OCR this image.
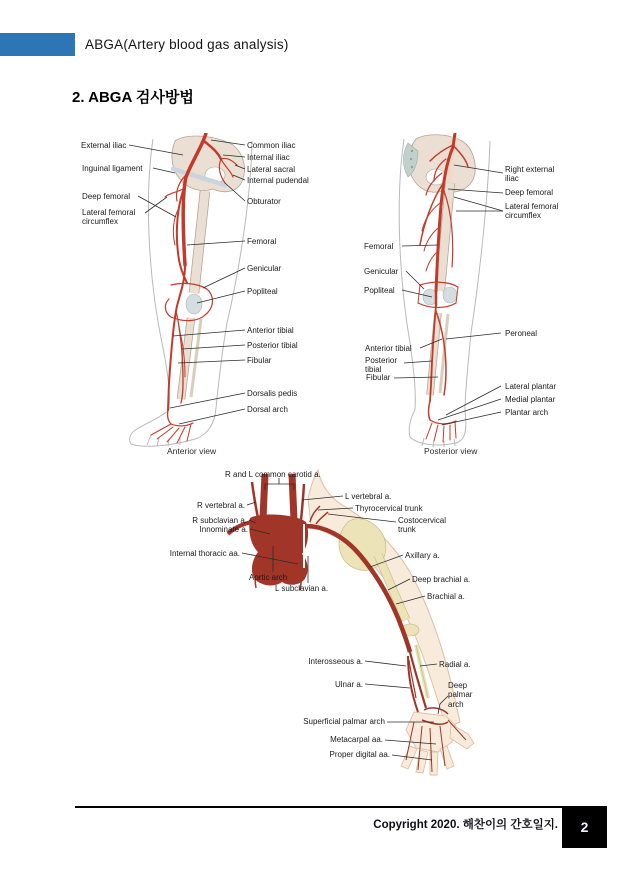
ABGA(Artery blood gas analysis)
2. ABGA 검사방법
External iliac
Inguinal ligament
Deep femoral
Lateral femoral circumflex
Common iliac
Internal iliac
Lateral sacral
Internal pudendal
Obturator
Femoral
Genicular
Popliteal
Anterior tibial
Posterior tibial
Fibular
Dorsalis pedis
Dorsal arch
Anterior view
Right external iliac
Deep femoral
Lateral femoral circumflex
Femoral
Genicular
Popliteal
Peroneal
Anterior tibial
Posterior tibial
Fibular
Lateral plantar
Medial plantar
Plantar arch
Posterior view
R and L common carotid a.
L vertebral a.
Thyrocervical trunk
R vertebral a.
R subclavian a.
Innominate a.
Costocervical trunk
Internal thoracic aa.	Axillary a.
Aortic arch	Deep brachial a.
L subclavian a.
Brachial a.
Interosseous a.	Radial a.
Ulnar a.	Deep palmar arch
Superficial palmar arch
Metacarpal aa.
Proper digital aa.
Copyright 2020. 해찬이의 간호일지. 2
